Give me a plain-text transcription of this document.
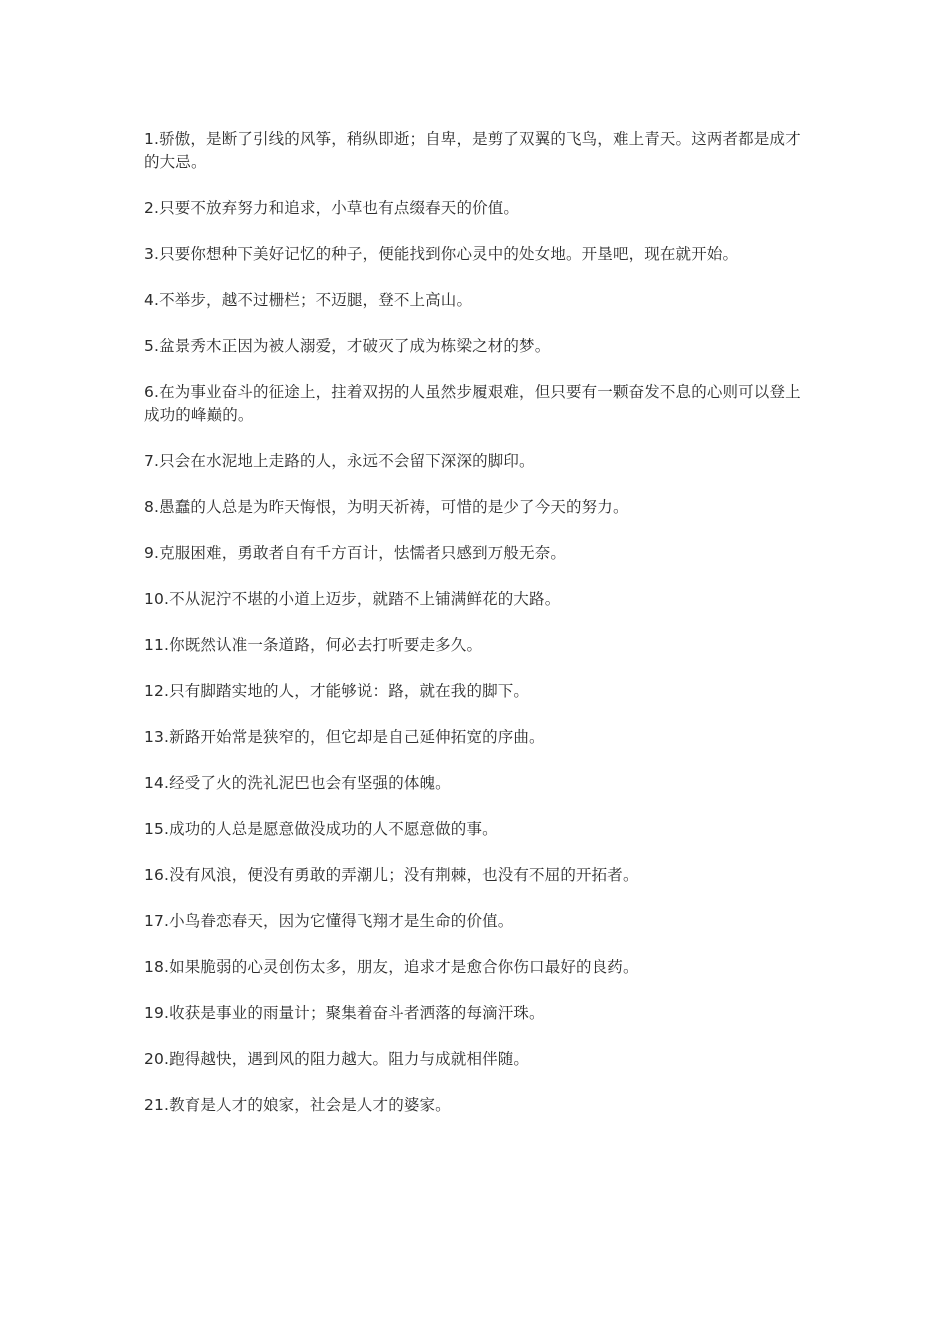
1.骄傲，是断了引线的风筝，稍纵即逝；自卑，是剪了双翼的飞鸟，难上青天。这两者都是成才的大忌。

2.只要不放弃努力和追求，小草也有点缀春天的价值。

3.只要你想种下美好记忆的种子，便能找到你心灵中的处女地。开垦吧，现在就开始。

4.不举步，越不过栅栏；不迈腿，登不上高山。

5.盆景秀木正因为被人溺爱，才破灭了成为栋梁之材的梦。

6.在为事业奋斗的征途上，拄着双拐的人虽然步履艰难，但只要有一颗奋发不息的心则可以登上成功的峰巅的。

7.只会在水泥地上走路的人，永远不会留下深深的脚印。

8.愚蠢的人总是为昨天悔恨，为明天祈祷，可惜的是少了今天的努力。

9.克服困难，勇敢者自有千方百计，怯懦者只感到万般无奈。

10.不从泥泞不堪的小道上迈步，就踏不上铺满鲜花的大路。

11.你既然认准一条道路，何必去打听要走多久。

12.只有脚踏实地的人，才能够说：路，就在我的脚下。

13.新路开始常是狭窄的，但它却是自己延伸拓宽的序曲。

14.经受了火的洗礼泥巴也会有坚强的体魄。

15.成功的人总是愿意做没成功的人不愿意做的事。

16.没有风浪，便没有勇敢的弄潮儿；没有荆棘，也没有不屈的开拓者。

17.小鸟眷恋春天，因为它懂得飞翔才是生命的价值。

18.如果脆弱的心灵创伤太多，朋友，追求才是愈合你伤口最好的良药。

19.收获是事业的雨量计；聚集着奋斗者洒落的每滴汗珠。

20.跑得越快，遇到风的阻力越大。阻力与成就相伴随。

21.教育是人才的娘家，社会是人才的婆家。
